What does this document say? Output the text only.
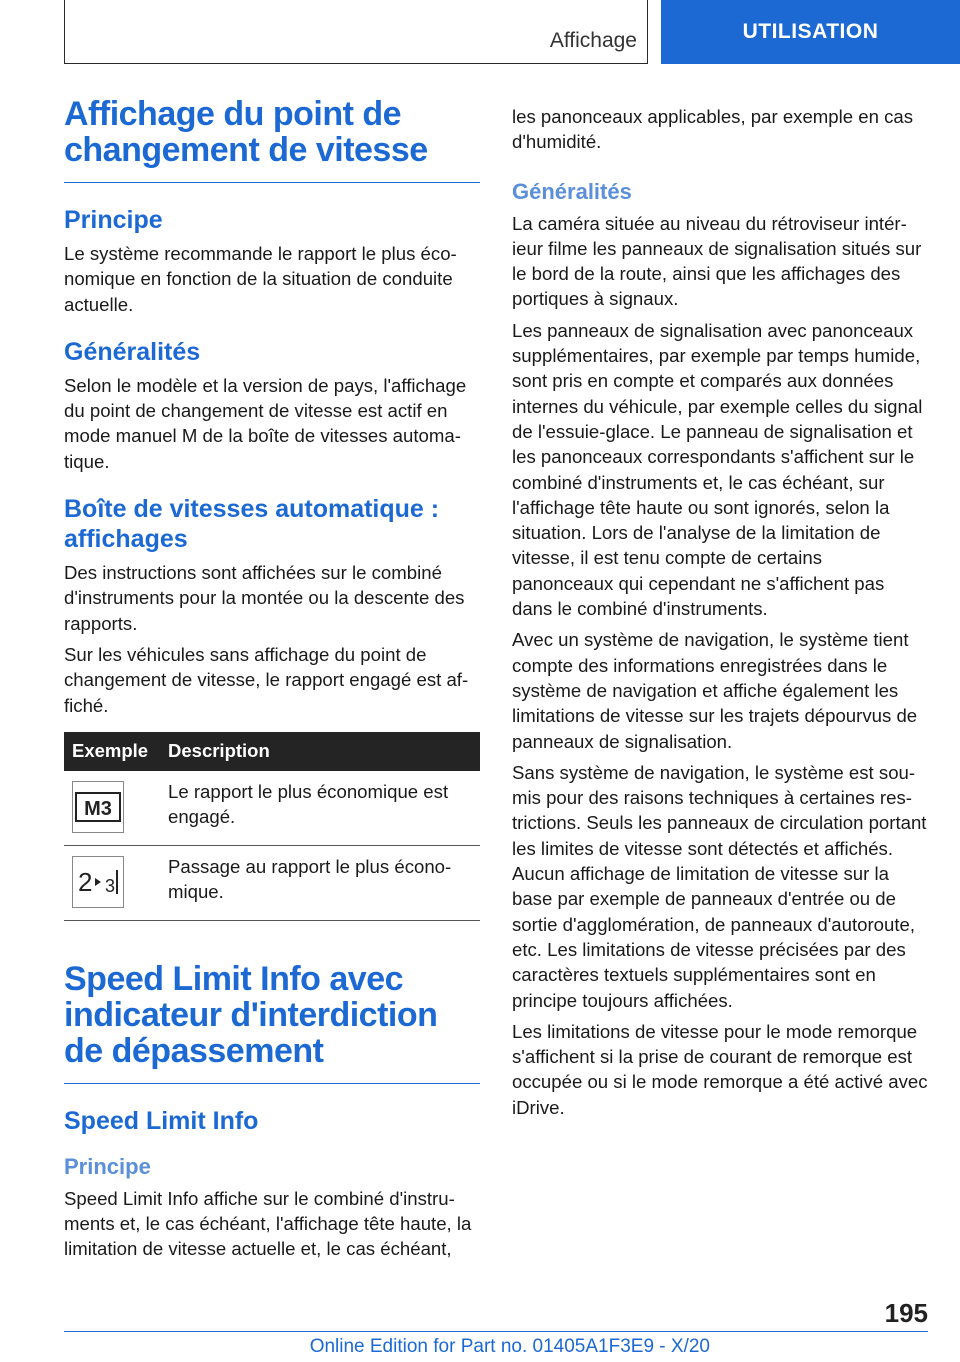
Affichage	UTILISATION
Affichage du point de changement de vitesse
Principe

Le système recommande le rapport le plus économique en fonction de la situation de conduite actuelle.

Généralités

Selon le modèle et la version de pays, l'affichage du point de changement de vitesse est actif en mode manuel M de la boîte de vitesses automatique.

Boîte de vitesses automatique : affichages

Des instructions sont affichées sur le combiné d'instruments pour la montée ou la descente des rapports.

Sur les véhicules sans affichage du point de changement de vitesse, le rapport engagé est affiché.

Exemple	Description

M3	Le rapport le plus économique est engagé.

2 3	Passage au rapport le plus économique.
Speed Limit Info avec indicateur d'interdiction de dépassement
Speed Limit Info
Principe

Speed Limit Info affiche sur le combiné d'instruments et, le cas échéant, l'affichage tête haute, la limitation de vitesse actuelle et, le cas échéant,

les panonceaux applicables, par exemple en cas d'humidité.

Généralités

La caméra située au niveau du rétroviseur intérieur filme les panneaux de signalisation situés sur le bord de la route, ainsi que les affichages des portiques à signaux.

Les panneaux de signalisation avec panonceaux supplémentaires, par exemple par temps humide, sont pris en compte et comparés aux données internes du véhicule, par exemple celles du signal de l'essuie-glace. Le panneau de signalisation et les panonceaux correspondants s'affichent sur le combiné d'instruments et, le cas échéant, sur l'affichage tête haute ou sont ignorés, selon la situation. Lors de l'analyse de la limitation de vitesse, il est tenu compte de certains panonceaux qui cependant ne s'affichent pas dans le combiné d'instruments.

Avec un système de navigation, le système tient compte des informations enregistrées dans le système de navigation et affiche également les limitations de vitesse sur les trajets dépourvus de panneaux de signalisation.

Sans système de navigation, le système est soumis pour des raisons techniques à certaines restrictions. Seuls les panneaux de circulation portant les limites de vitesse sont détectés et affichés. Aucun affichage de limitation de vitesse sur la base par exemple de panneaux d'entrée ou de sortie d'agglomération, de panneaux d'autoroute, etc. Les limitations de vitesse précisées par des caractères textuels supplémentaires sont en principe toujours affichées.

Les limitations de vitesse pour le mode remorque s'affichent si la prise de courant de remorque est occupée ou si le mode remorque a été activé avec iDrive.

195
Online Edition for Part no. 01405A1F3E9 - X/20
